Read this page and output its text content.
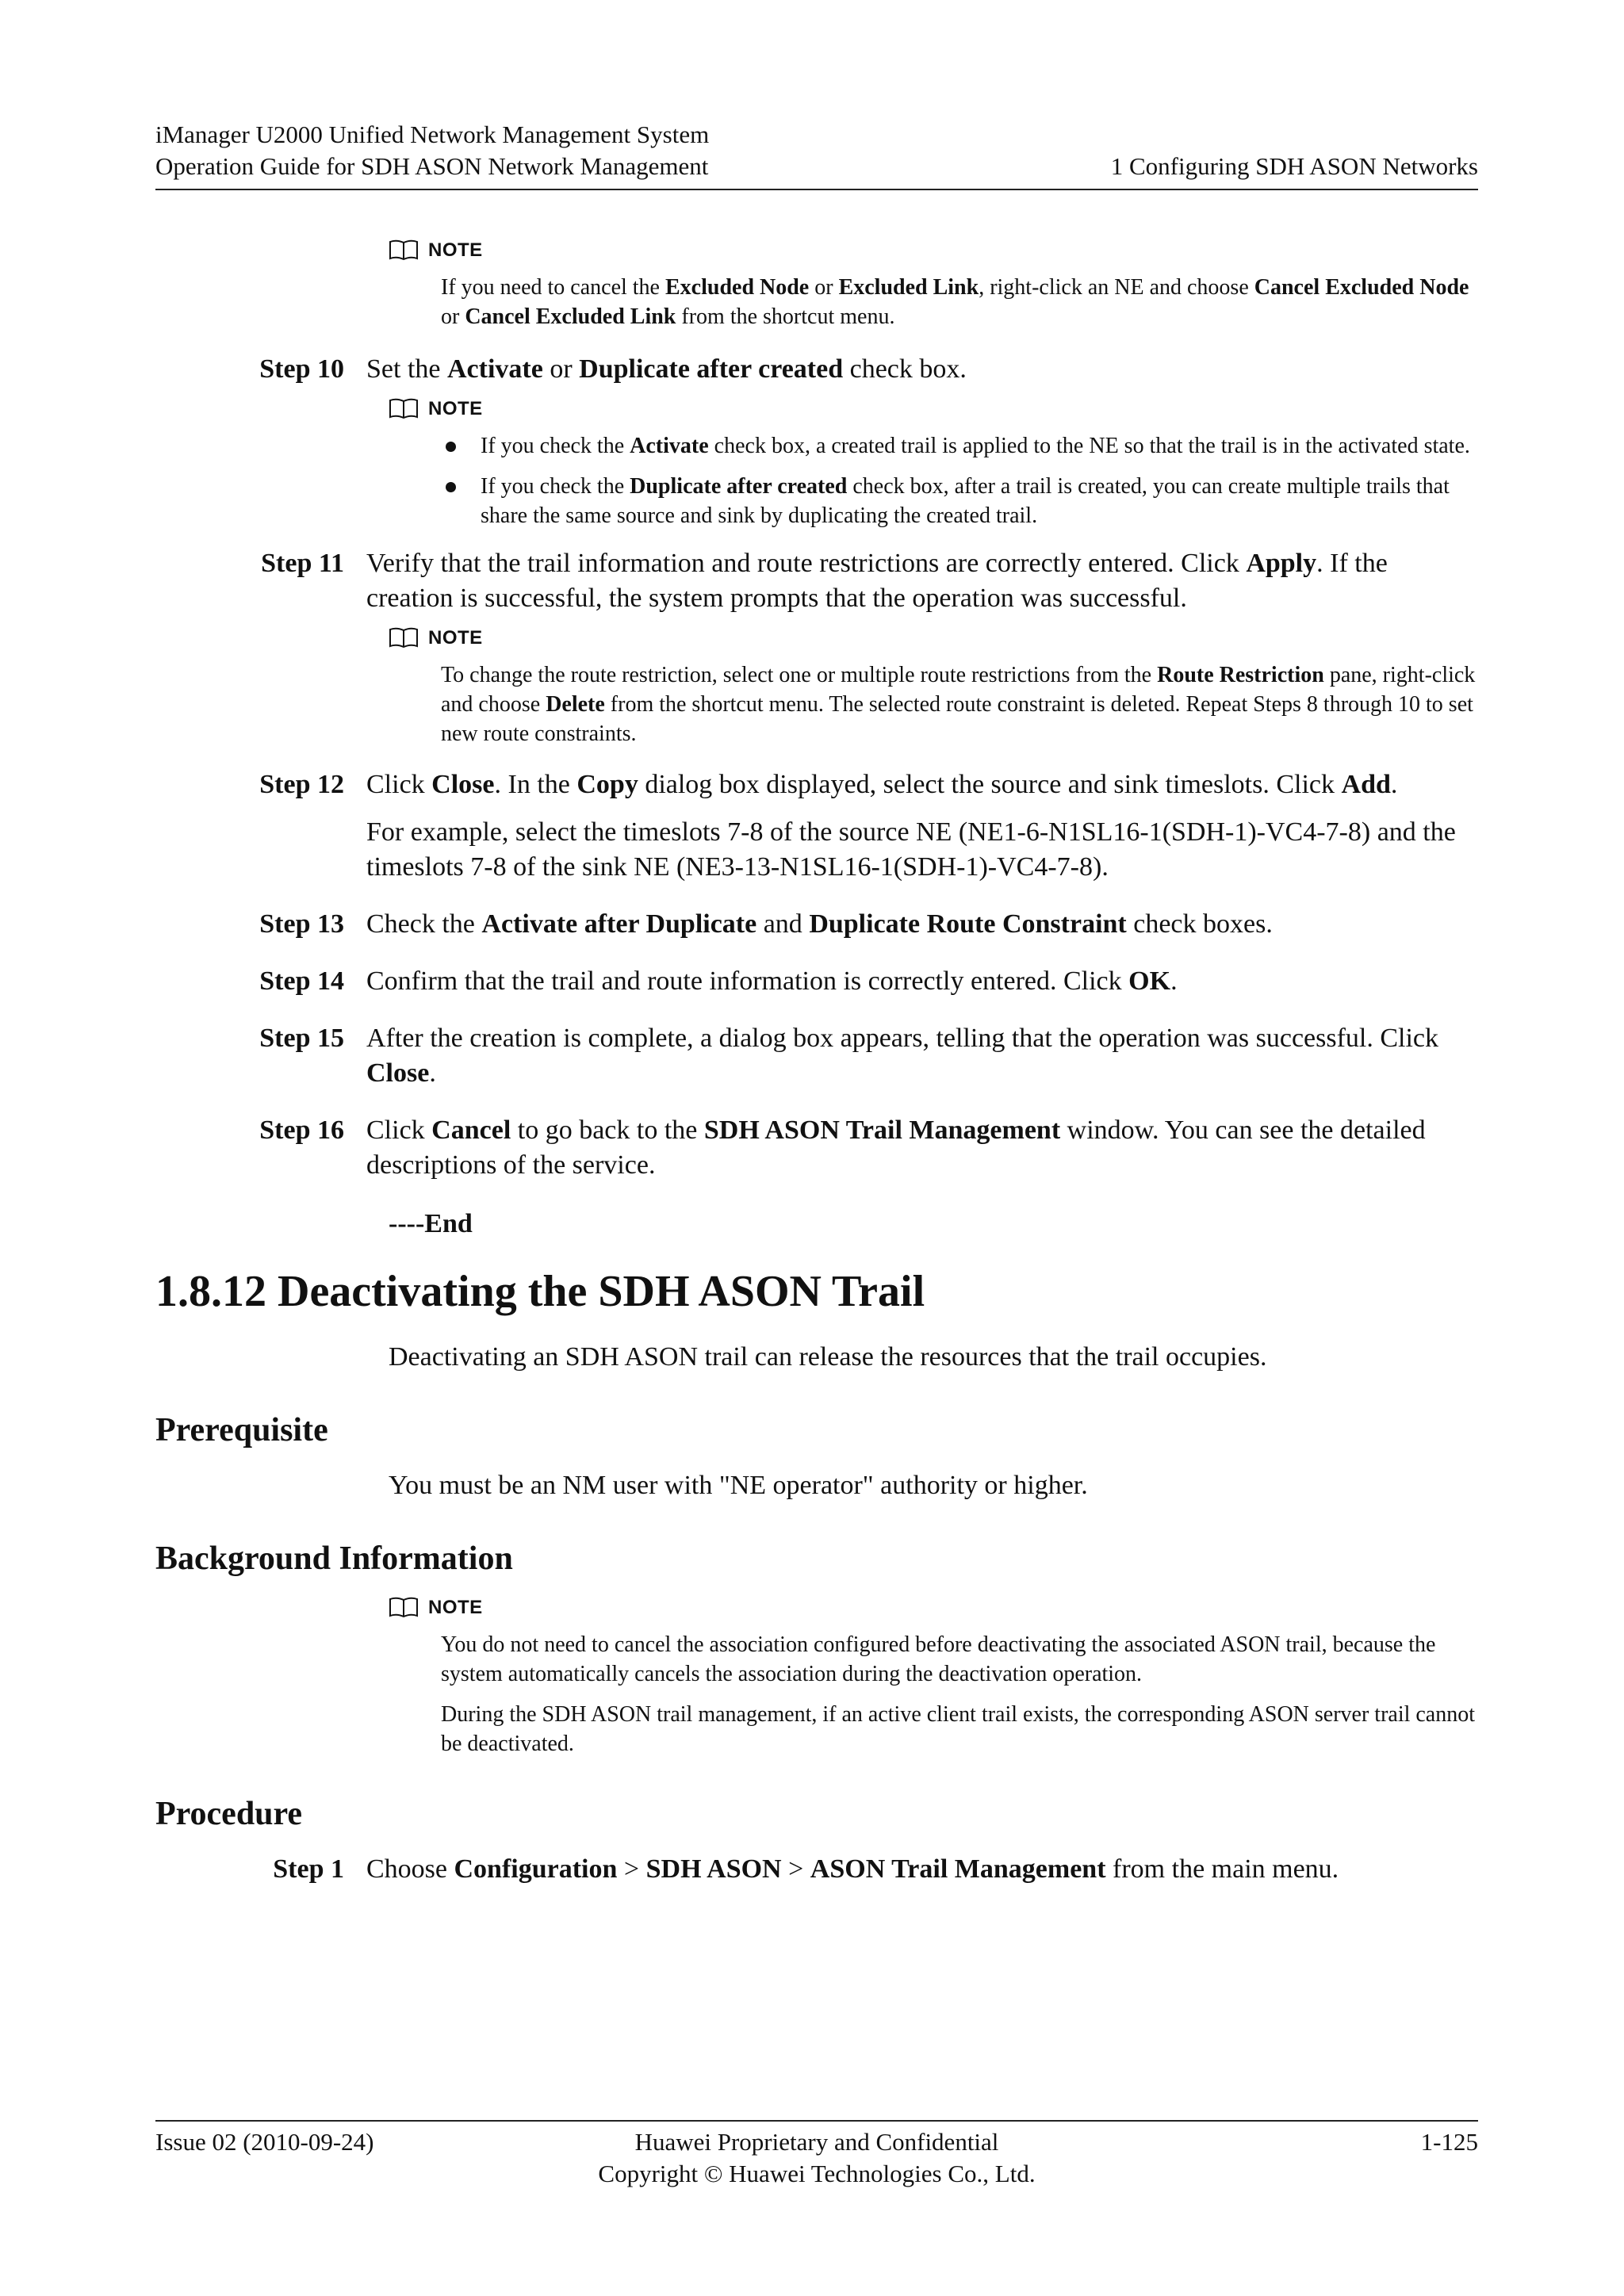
iManager U2000 Unified Network Management System
Operation Guide for SDH ASON Network Management	1 Configuring SDH ASON Networks
NOTE

If you need to cancel the Excluded Node or Excluded Link, right-click an NE and choose Cancel Excluded Node or Cancel Excluded Link from the shortcut menu.

Step 10 Set the Activate or Duplicate after created check box.
NOTE
If you check the Activate check box, a created trail is applied to the NE so that the trail is in the activated state.
If you check the Duplicate after created check box, after a trail is created, you can create multiple trails that share the same source and sink by duplicating the created trail.
Step 11 Verify that the trail information and route restrictions are correctly entered. Click Apply. If the creation is successful, the system prompts that the operation was successful.
NOTE

To change the route restriction, select one or multiple route restrictions from the Route Restriction pane, right-click and choose Delete from the shortcut menu. The selected route constraint is deleted. Repeat Steps 8 through 10 to set new route constraints.

Step 12 Click Close. In the Copy dialog box displayed, select the source and sink timeslots. Click Add.

For example, select the timeslots 7-8 of the source NE (NE1-6-N1SL16-1(SDH-1)-VC4-7-8) and the timeslots 7-8 of the sink NE (NE3-13-N1SL16-1(SDH-1)-VC4-7-8).

Step 13 Check the Activate after Duplicate and Duplicate Route Constraint check boxes.
Step 14 Confirm that the trail and route information is correctly entered. Click OK.
Step 15 After the creation is complete, a dialog box appears, telling that the operation was successful. Click Close.
Step 16 Click Cancel to go back to the SDH ASON Trail Management window. You can see the detailed descriptions of the service.
----End
1.8.12 Deactivating the SDH ASON Trail
Deactivating an SDH ASON trail can release the resources that the trail occupies.
Prerequisite
You must be an NM user with "NE operator" authority or higher.
Background Information
NOTE

You do not need to cancel the association configured before deactivating the associated ASON trail, because the system automatically cancels the association during the deactivation operation.

During the SDH ASON trail management, if an active client trail exists, the corresponding ASON server trail cannot be deactivated.

Procedure
Step 1 Choose Configuration > SDH ASON > ASON Trail Management from the main menu.
Issue 02 (2010-09-24)	Huawei Proprietary and Confidential
Copyright © Huawei Technologies Co., Ltd.
1-125
